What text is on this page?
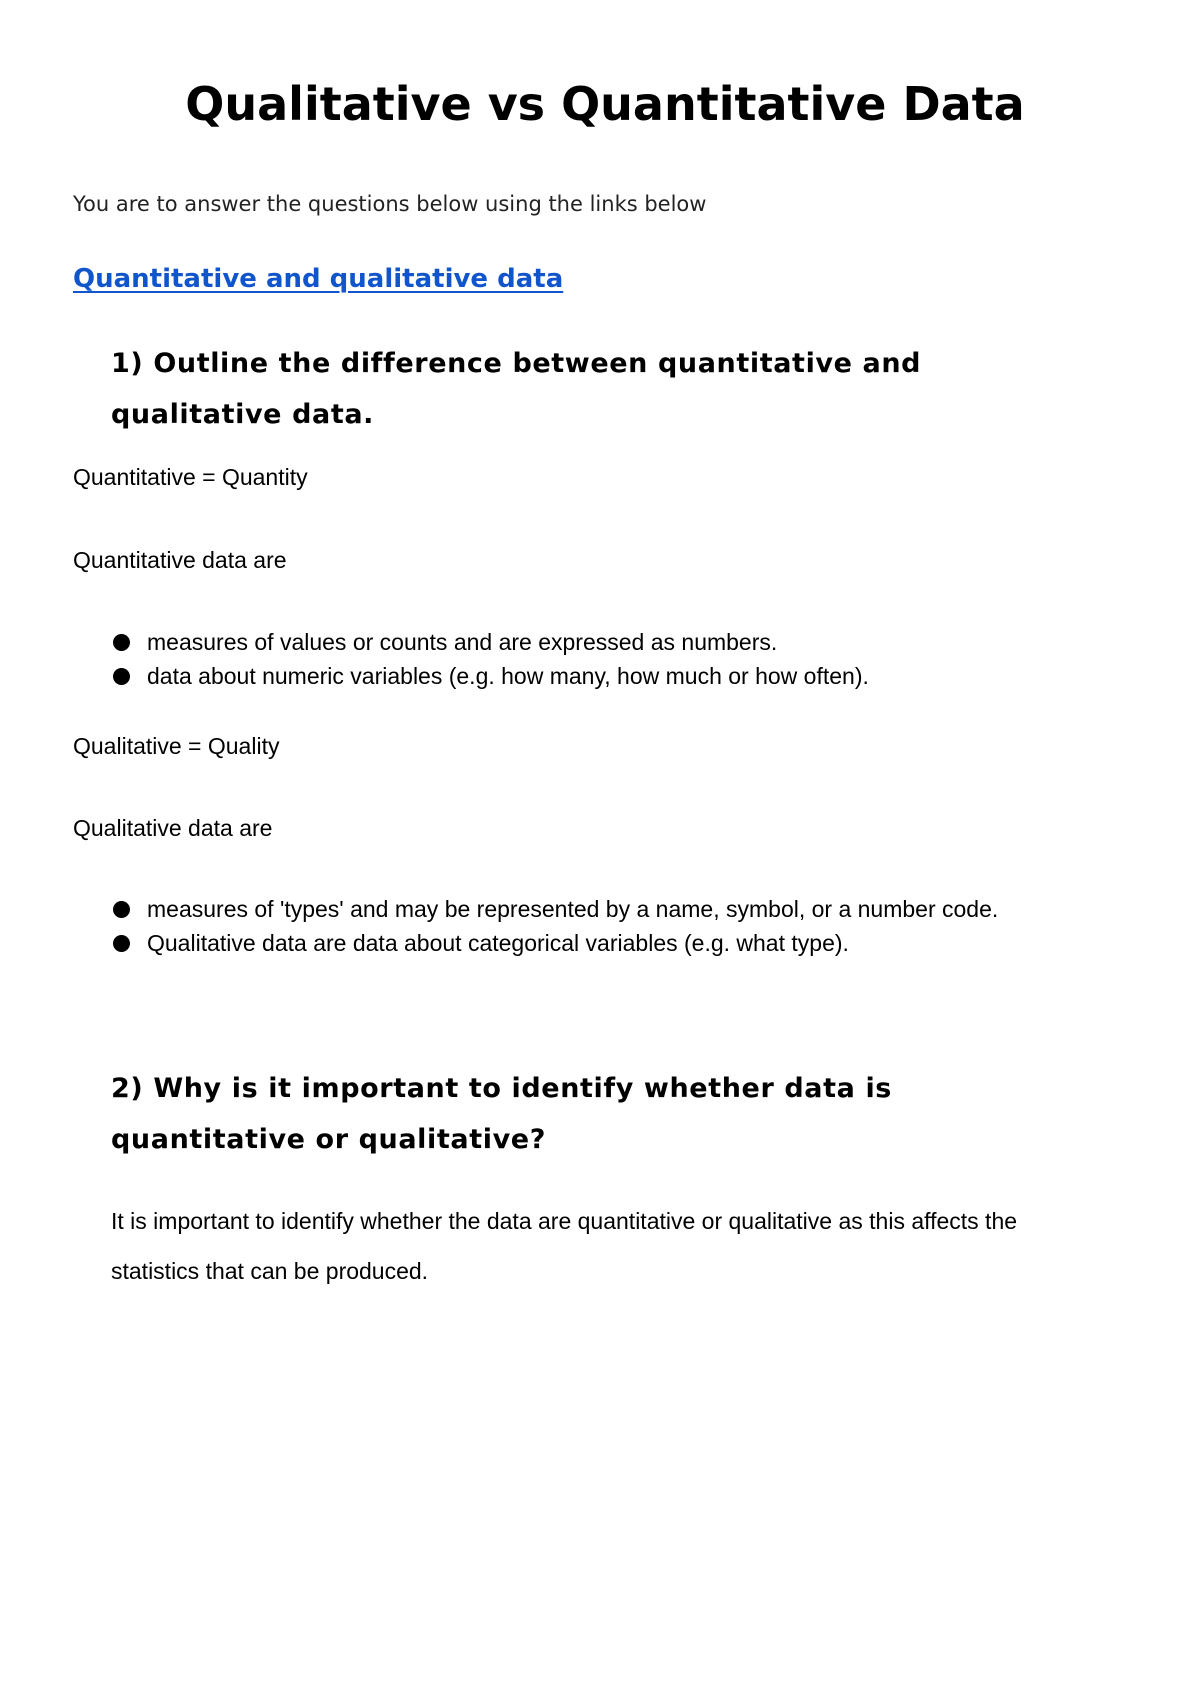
Qualitative vs Quantitative Data

You are to answer the questions below using the links below

Quantitative and qualitative data
1) Outline the difference between quantitative and qualitative data.

Quantitative = Quantity

Quantitative data are

measures of values or counts and are expressed as numbers.
data about numeric variables (e.g. how many, how much or how often).

Qualitative = Quality

Qualitative data are

measures of 'types' and may be represented by a name, symbol, or a number code.
Qualitative data are data about categorical variables (e.g. what type).
2) Why is it important to identify whether data is quantitative or qualitative?

It is important to identify whether the data are quantitative or qualitative as this affects the statistics that can be produced.
